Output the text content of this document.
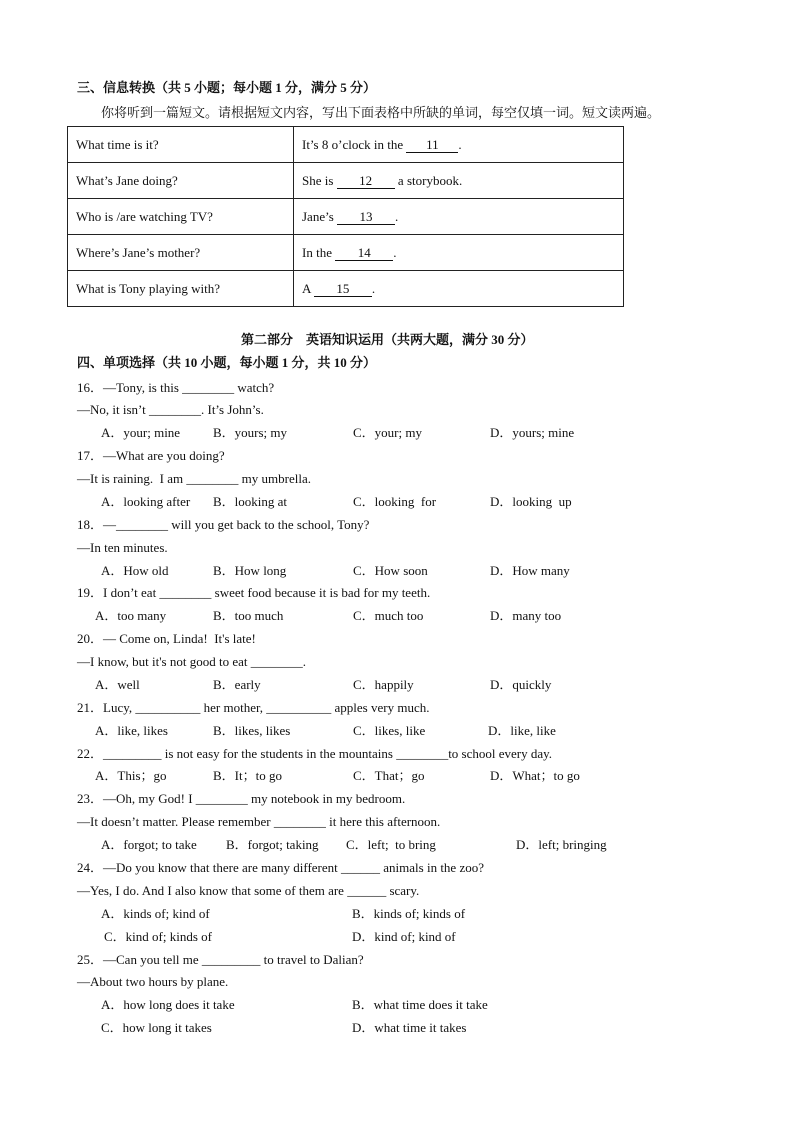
三、信息转换（共 5 小题；每小题 1 分，满分 5 分）
你将听到一篇短文。请根据短文内容，写出下面表格中所缺的单词，每空仅填一词。短文读两遍。
What time is it?	It’s 8 o’clock in the 11 .
What’s Jane doing?	She is 12 a storybook.
Who is /are watching TV?	Jane’s 13 .
Where’s Jane’s mother?	In the 14 .
What is Tony playing with?	A 15 .
第二部分　英语知识运用（共两大题，满分 30 分）
四、单项选择（共 10 小题，每小题 1 分，共 10 分）
16．—Tony, is this ________ watch?
—No, it isn’t ________. It’s John’s.
A．your; mine	B．yours; my	C．your; my	D．yours; mine
17．—What are you doing?
—It is raining.  I am ________ my umbrella.
A．looking after B．looking at	C．looking  for	D．looking  up
18．—________ will you get back to the school, Tony?
—In ten minutes.
A．How old	B．How long	C．How soon	D．How many
19．I don’t eat ________ sweet food because it is bad for my teeth.
A．too many	B．too much	C．much too	D．many too
20．— Come on, Linda!  It's late!
—I know, but it's not good to eat ________.
A．well	B．early	C．happily	D．quickly
21．Lucy, __________ her mother, __________ apples very much.
A．like, likes	B．likes, likes	C．likes, like	D．like, like
22．_________ is not easy for the students in the mountains ________to school every day.
A．This；go	B．It；to go	C．That；go	D．What；to go
23．—Oh, my God! I ________ my notebook in my bedroom.
—It doesn’t matter. Please remember ________ it here this afternoon.
A．forgot; to take B．forgot; taking C．left;  to bring	D．left; bringing
24．—Do you know that there are many different ______ animals in the zoo?
—Yes, I do. And I also know that some of them are ______ scary.
A．kinds of; kind of	B．kinds of; kinds of
C．kind of; kinds of	D．kind of; kind of
25．—Can you tell me _________ to travel to Dalian?
—About two hours by plane.
A．how long does it take	B．what time does it take
C．how long it takes	D．what time it takes
